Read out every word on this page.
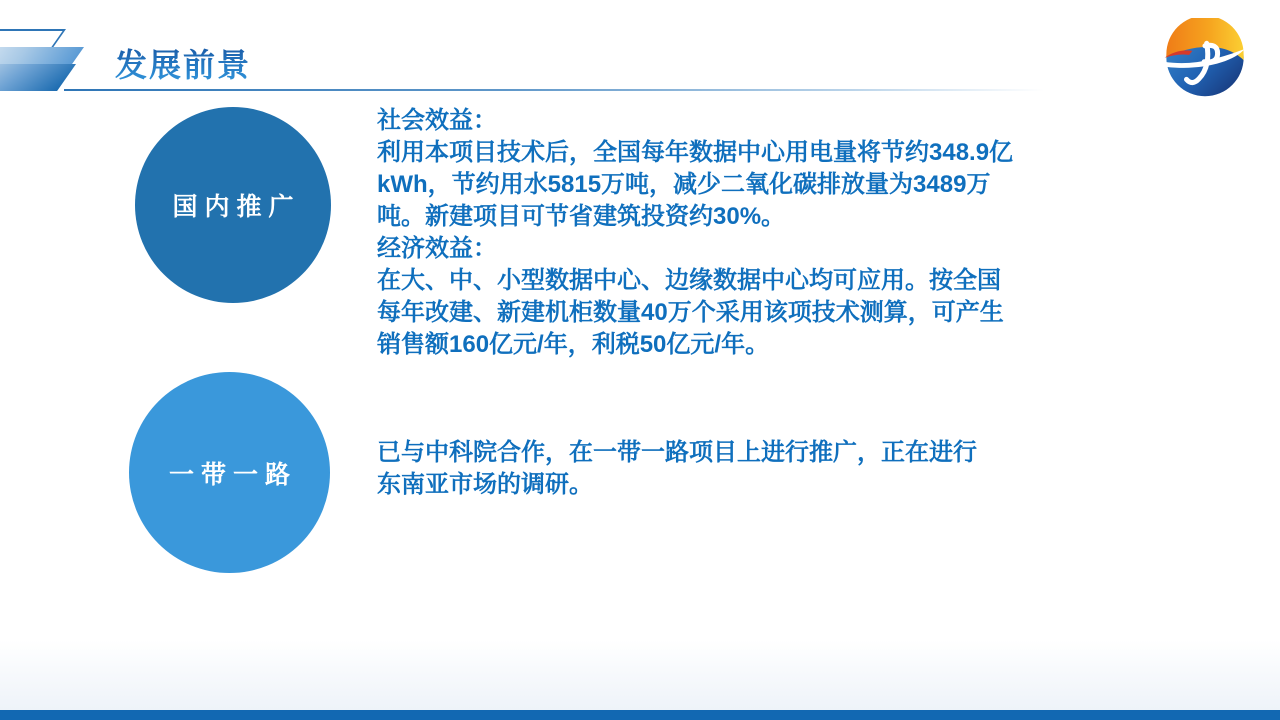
发展前景
国内推广
社会效益：
利用本项目技术后，全国每年数据中心用电量将节约348.9亿
kWh，节约用水5815万吨，减少二氧化碳排放量为3489万
吨。新建项目可节省建筑投资约30%。
经济效益：
在大、中、小型数据中心、边缘数据中心均可应用。按全国
每年改建、新建机柜数量40万个采用该项技术测算，可产生
销售额160亿元/年，利税50亿元/年。
一带一路
已与中科院合作，在一带一路项目上进行推广，正在进行
东南亚市场的调研。
